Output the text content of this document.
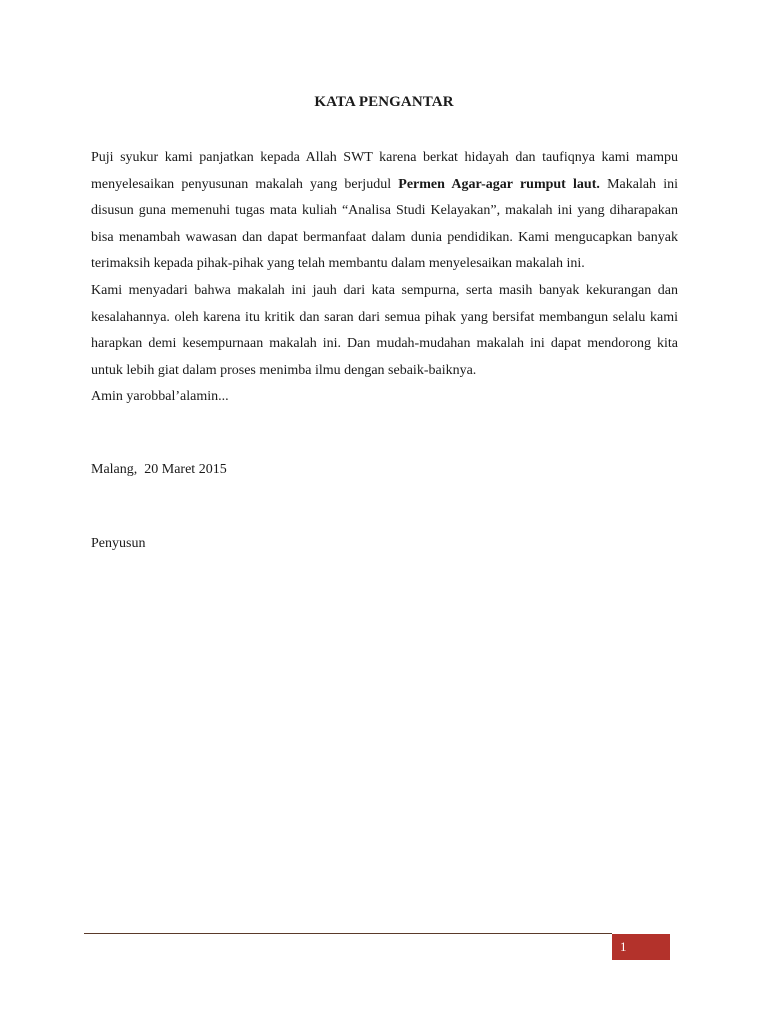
KATA PENGANTAR

Puji syukur kami panjatkan kepada Allah SWT karena berkat hidayah dan taufiqnya kami mampu menyelesaikan penyusunan makalah yang berjudul Permen Agar-agar rumput laut. Makalah ini disusun guna memenuhi tugas mata kuliah “Analisa Studi Kelayakan”, makalah ini yang diharapakan bisa menambah wawasan dan dapat bermanfaat dalam dunia pendidikan. Kami mengucapkan banyak terimaksih kepada pihak-pihak yang telah membantu dalam menyelesaikan makalah ini.

Kami menyadari bahwa makalah ini jauh dari kata sempurna, serta masih banyak kekurangan dan kesalahannya. oleh karena itu kritik dan saran dari semua pihak yang bersifat membangun selalu kami harapkan demi kesempurnaan makalah ini. Dan mudah-mudahan makalah ini dapat mendorong kita untuk lebih giat dalam proses menimba ilmu dengan sebaik-baiknya.

Amin yarobbal’alamin...

Malang,  20 Maret 2015
Penyusun
1
